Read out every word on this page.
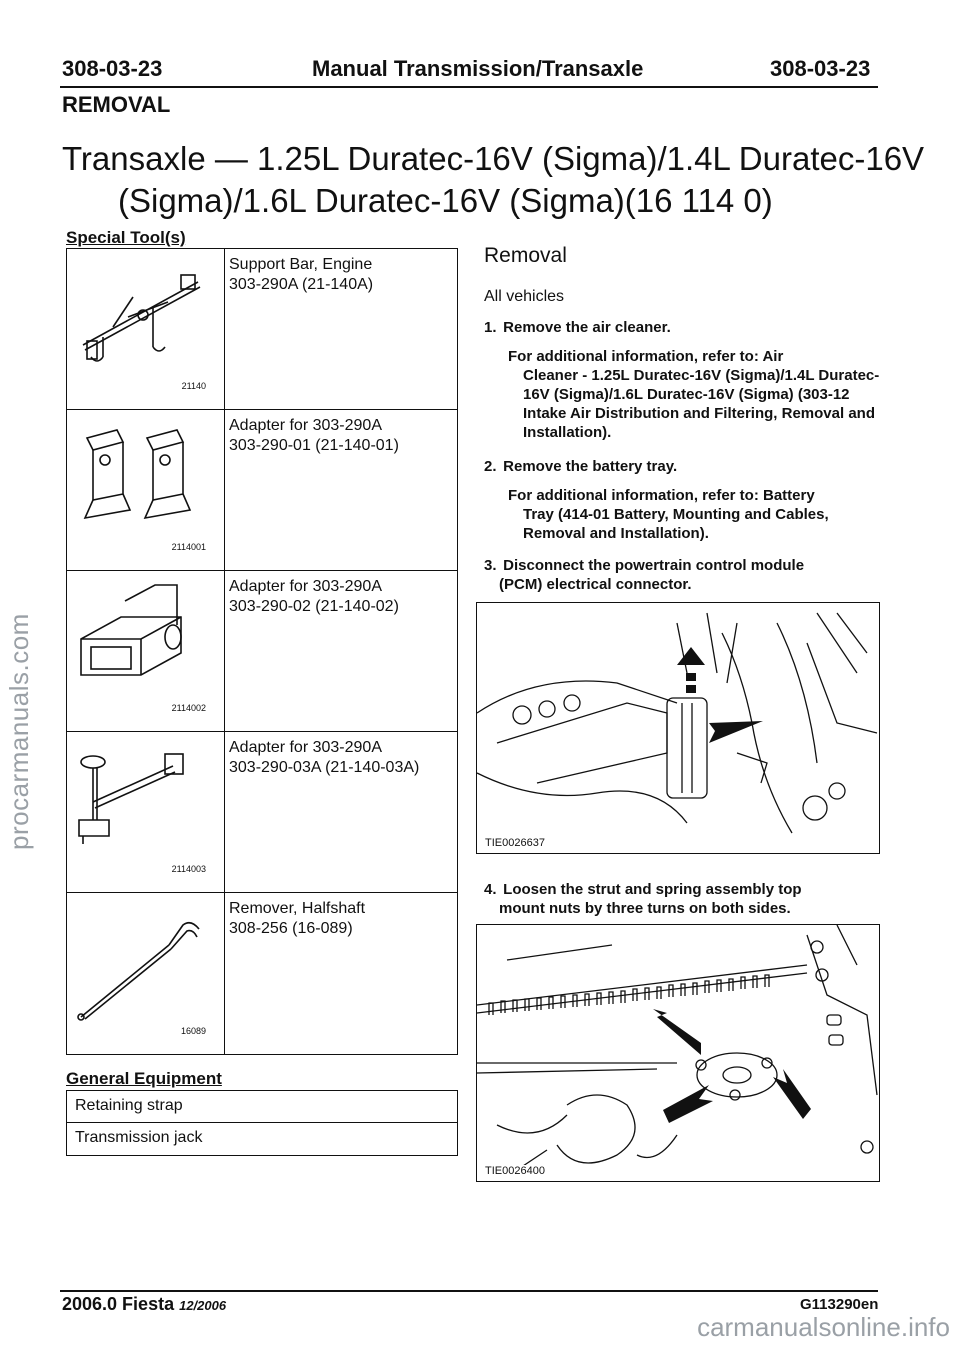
308-03-23	Manual Transmission/Transaxle	308-03-23
REMOVAL
Transaxle — 1.25L Duratec-16V (Sigma)/1.4L Duratec-16V
(Sigma)/1.6L Duratec-16V (Sigma)(16 114 0)
Special Tool(s)
21140
Support Bar, Engine
303-290A (21-140A)
2114001
Adapter for 303-290A
303-290-01 (21-140-01)
2114002
Adapter for 303-290A
303-290-02 (21-140-02)
2114003
Adapter for 303-290A
303-290-03A (21-140-03A)
16089
Remover, Halfshaft
308-256 (16-089)
General Equipment
Retaining strap
Transmission jack
Removal
All vehicles
1. Remove the air cleaner.
For additional information, refer to: Air
Cleaner - 1.25L Duratec-16V (Sigma)/1.4L Duratec-16V (Sigma)/1.6L Duratec-16V (Sigma) (303-12 Intake Air Distribution and Filtering, Removal and Installation).
2. Remove the battery tray.
For additional information, refer to: Battery
Tray (414-01 Battery, Mounting and Cables, Removal and Installation).
3. Disconnect the powertrain control module
(PCM) electrical connector.
TIE0026637
4. Loosen the strut and spring assembly top
mount nuts by three turns on both sides.
TIE0026400
2006.0 Fiesta 12/2006	G113290en
procarmanuals.com
carmanualsonline.info
